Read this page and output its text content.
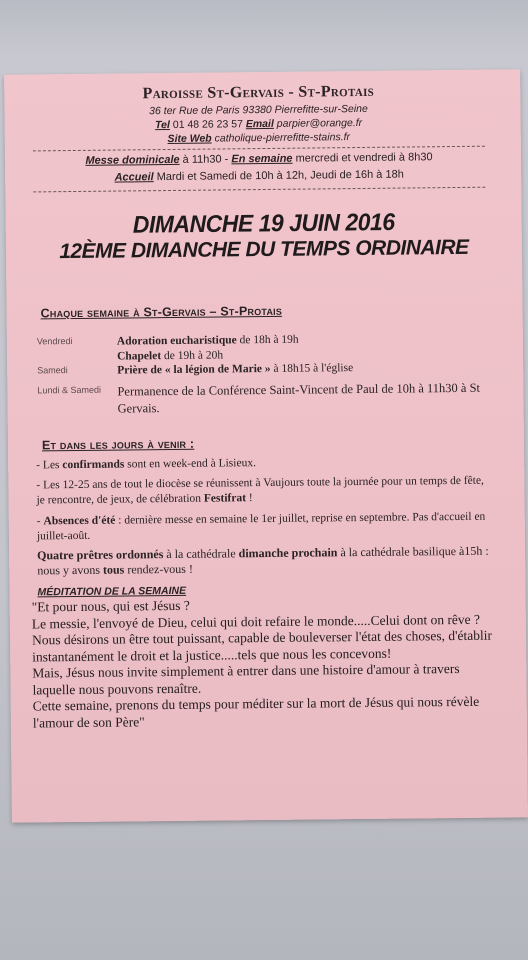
Paroisse St-Gervais - St-Protais
36 ter Rue de Paris 93380 Pierrefitte-sur-Seine
Tel 01 48 26 23 57 Email parpier@orange.fr
Site Web catholique-pierrefitte-stains.fr
Messe dominicale à 11h30 - En semaine mercredi et vendredi à 8h30
Accueil Mardi et Samedi de 10h à 12h, Jeudi de 16h à 18h
DIMANCHE 19 JUIN 2016
12ÈME DIMANCHE DU TEMPS ORDINAIRE
Chaque semaine à St-Gervais – St-Protais
Vendredi	Adoration eucharistique de 18h à 19h
Chapelet de 19h à 20h
Samedi	Prière de « la légion de Marie » à 18h15 à l'église
Lundi & Samedi	Permanence de la Conférence Saint-Vincent de Paul de 10h à 11h30 à St Gervais.
Et dans les jours à venir :
- Les confirmands sont en week-end à Lisieux.
- Les 12-25 ans de tout le diocèse se réunissent à Vaujours toute la journée pour un temps de fête, je rencontre, de jeux, de célébration Festifrat !
- Absences d'été : dernière messe en semaine le 1er juillet, reprise en septembre. Pas d'accueil en juillet-août.
Quatre prêtres ordonnés à la cathédrale dimanche prochain à la cathédrale basilique à15h : nous y avons tous rendez-vous !
MÉDITATION DE LA SEMAINE

"Et pour nous, qui est Jésus ?

Le messie, l'envoyé de Dieu, celui qui doit refaire le monde.....Celui dont on rêve ?

Nous désirons un être tout puissant, capable de bouleverser l'état des choses, d'établir instantanément le droit et la justice.....tels que nous les concevons!

Mais, Jésus nous invite simplement à entrer dans une histoire d'amour à travers laquelle nous pouvons renaître.

Cette semaine, prenons du temps pour méditer sur la mort de Jésus qui nous révèle l'amour de son Père"
